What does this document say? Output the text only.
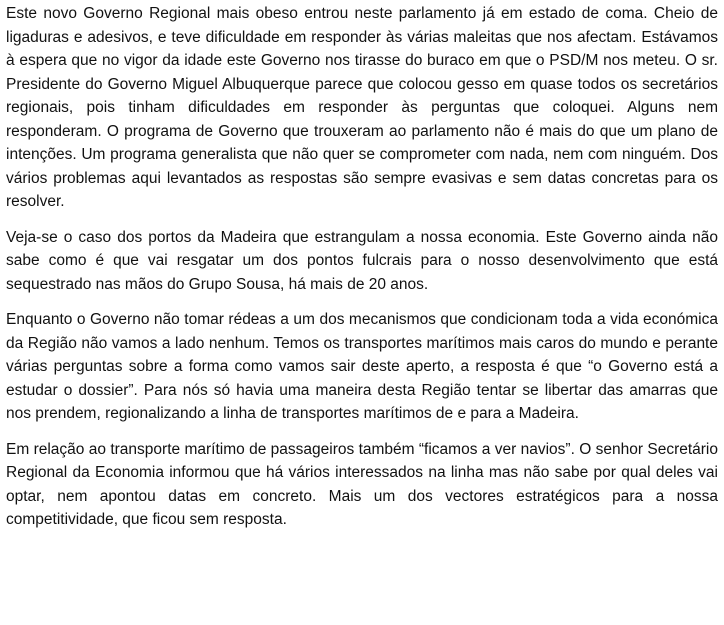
Este novo Governo Regional mais obeso entrou neste parlamento já em estado de coma. Cheio de ligaduras e adesivos, e teve dificuldade em responder às várias maleitas que nos afectam. Estávamos à espera que no vigor da idade este Governo nos tirasse do buraco em que o PSD/M nos meteu. O sr. Presidente do Governo Miguel Albuquerque parece que colocou gesso em quase todos os secretários regionais, pois tinham dificuldades em responder às perguntas que coloquei. Alguns nem responderam. O programa de Governo que trouxeram ao parlamento não é mais do que um plano de intenções. Um programa generalista que não quer se comprometer com nada, nem com ninguém. Dos vários problemas aqui levantados as respostas são sempre evasivas e sem datas concretas para os resolver.

Veja-se o caso dos portos da Madeira que estrangulam a nossa economia. Este Governo ainda não sabe como é que vai resgatar um dos pontos fulcrais para o nosso desenvolvimento que está sequestrado nas mãos do Grupo Sousa, há mais de 20 anos.

Enquanto o Governo não tomar rédeas a um dos mecanismos que condicionam toda a vida económica da Região não vamos a lado nenhum. Temos os transportes marítimos mais caros do mundo e perante várias perguntas sobre a forma como vamos sair deste aperto, a resposta é que “o Governo está a estudar o dossier”. Para nós só havia uma maneira desta Região tentar se libertar das amarras que nos prendem, regionalizando a linha de transportes marítimos de e para a Madeira.

Em relação ao transporte marítimo de passageiros também “ficamos a ver navios”. O senhor Secretário Regional da Economia informou que há vários interessados na linha mas não sabe por qual deles vai optar, nem apontou datas em concreto. Mais um dos vectores estratégicos para a nossa competitividade, que ficou sem resposta.
